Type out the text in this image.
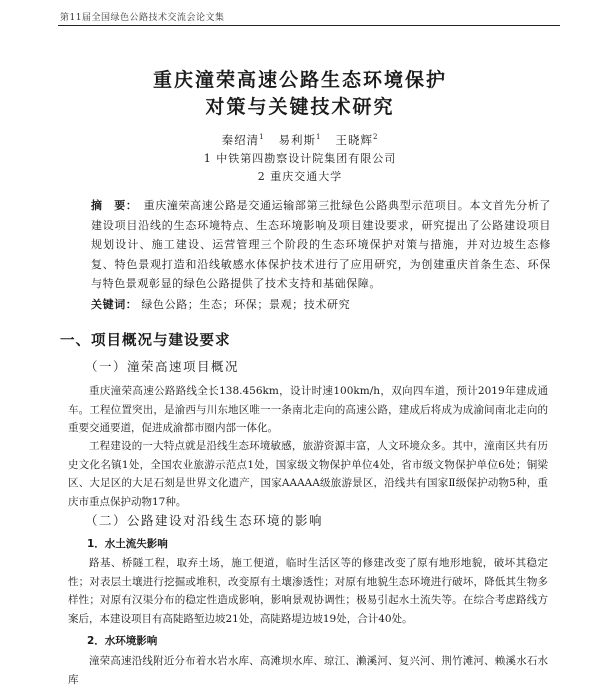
第11届全国绿色公路技术交流会论文集
重庆潼荣高速公路生态环境保护
对策与关键技术研究
秦绍清$^1$ 易利斯$^1$ 王晓辉$^2$
1 中铁第四勘察设计院集团有限公司
2 重庆交通大学
摘　要： 重庆潼荣高速公路是交通运输部第三批绿色公路典型示范项目。本文首先分析了建设项目沿线的生态环境特点、生态环境影响及项目建设要求，研究提出了公路建设项目规划设计、施工建设、运营管理三个阶段的生态环境保护对策与措施，并对边坡生态修复、特色景观打造和沿线敏感水体保护技术进行了应用研究，为创建重庆首条生态、环保与特色景观彰显的绿色公路提供了技术支持和基础保障。
关键词： 绿色公路；生态；环保；景观；技术研究
一、项目概况与建设要求
（一）潼荣高速项目概况

重庆潼荣高速公路路线全长138.456km，设计时速100km/h，双向四车道，预计2019年建成通车。工程位置突出，是渝西与川东地区唯一一条南北走向的高速公路，建成后将成为成渝间南北走向的重要交通要道，促进成渝都市圈内部一体化。

工程建设的一大特点就是沿线生态环境敏感，旅游资源丰富，人文环境众多。其中，潼南区共有历史文化名镇1处，全国农业旅游示范点1处，国家级文物保护单位4处，省市级文物保护单位6处；铜梁区、大足区的大足石刻是世界文化遗产，国家AAAAA级旅游景区，沿线共有国家Ⅱ级保护动物5种，重庆市重点保护动物17种。

（二）公路建设对沿线生态环境的影响
1．水土流失影响

路基、桥隧工程，取弃土场，施工便道，临时生活区等的修建改变了原有地形地貌，破坏其稳定性；对表层土壤进行挖掘或堆积，改变原有土壤渗透性；对原有地貌生态环境进行破坏，降低其生物多样性；对原有汉渠分布的稳定性造成影响，影响景观协调性；极易引起水土流失等。在综合考虑路线方案后，本建设项目有高陡路堑边坡21处，高陡路堤边坡19处，合计40处。

2．水环境影响

潼荣高速沿线附近分布着水岩水库、高滩坝水库、琼江、濑溪河、复兴河、荆竹滩河、赖溪水石水库
